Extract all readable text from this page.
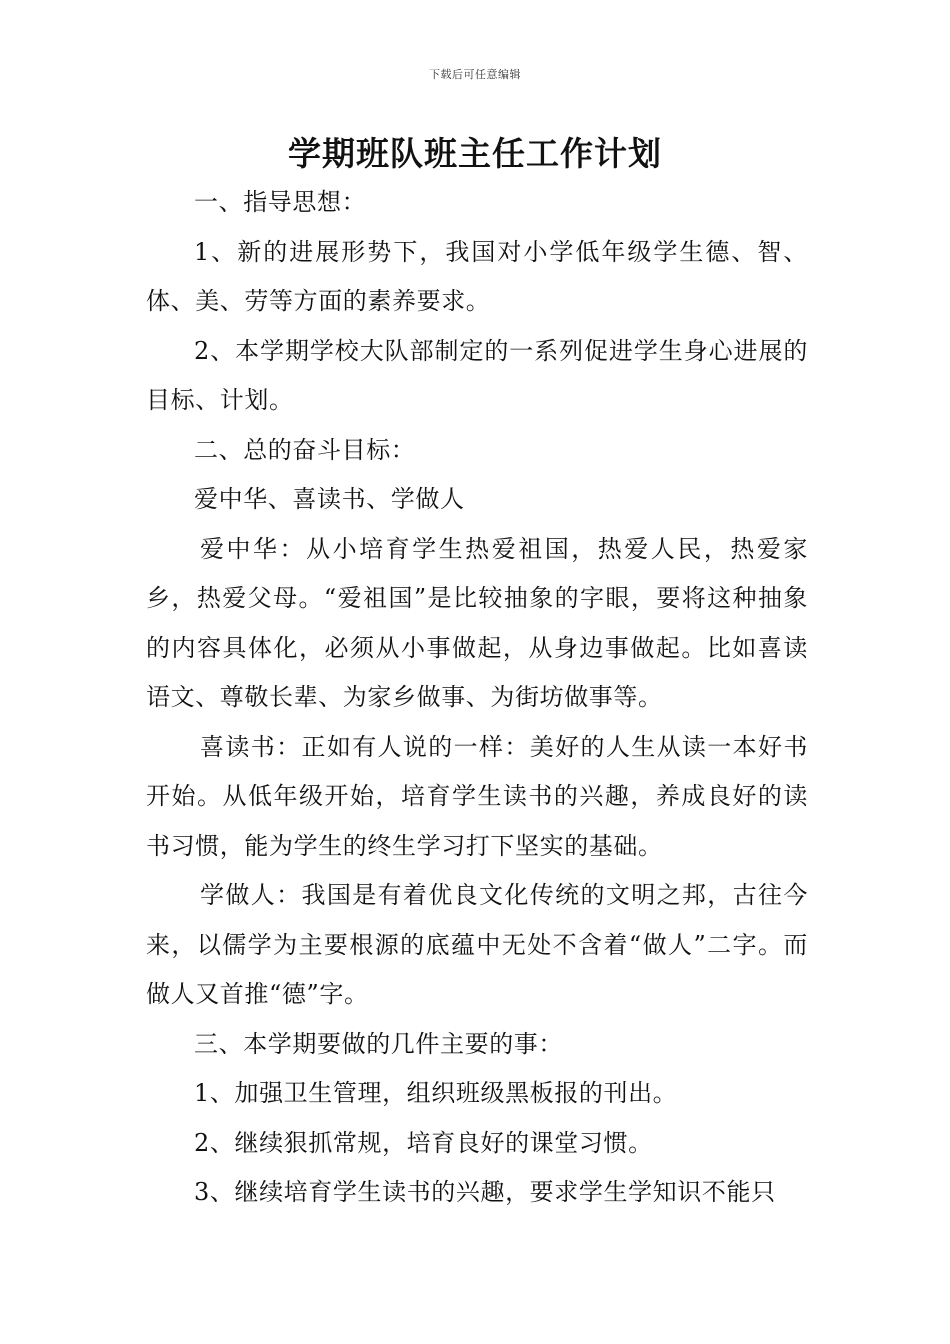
下载后可任意编辑
学期班队班主任工作计划

一、指导思想：

1、新的进展形势下，我国对小学低年级学生德、智、体、美、劳等方面的素养要求。

2、本学期学校大队部制定的一系列促进学生身心进展的目标、计划。

二、总的奋斗目标：

爱中华、喜读书、学做人

爱中华：从小培育学生热爱祖国，热爱人民，热爱家乡，热爱父母。“爱祖国”是比较抽象的字眼，要将这种抽象的内容具体化，必须从小事做起，从身边事做起。比如喜读语文、尊敬长辈、为家乡做事、为街坊做事等。

喜读书：正如有人说的一样：美好的人生从读一本好书开始。从低年级开始，培育学生读书的兴趣，养成良好的读书习惯，能为学生的终生学习打下坚实的基础。

学做人：我国是有着优良文化传统的文明之邦，古往今来，以儒学为主要根源的底蕴中无处不含着“做人”二字。而做人又首推“德”字。

三、本学期要做的几件主要的事：

1、加强卫生管理，组织班级黑板报的刊出。

2、继续狠抓常规，培育良好的课堂习惯。

3、继续培育学生读书的兴趣，要求学生学知识不能只
